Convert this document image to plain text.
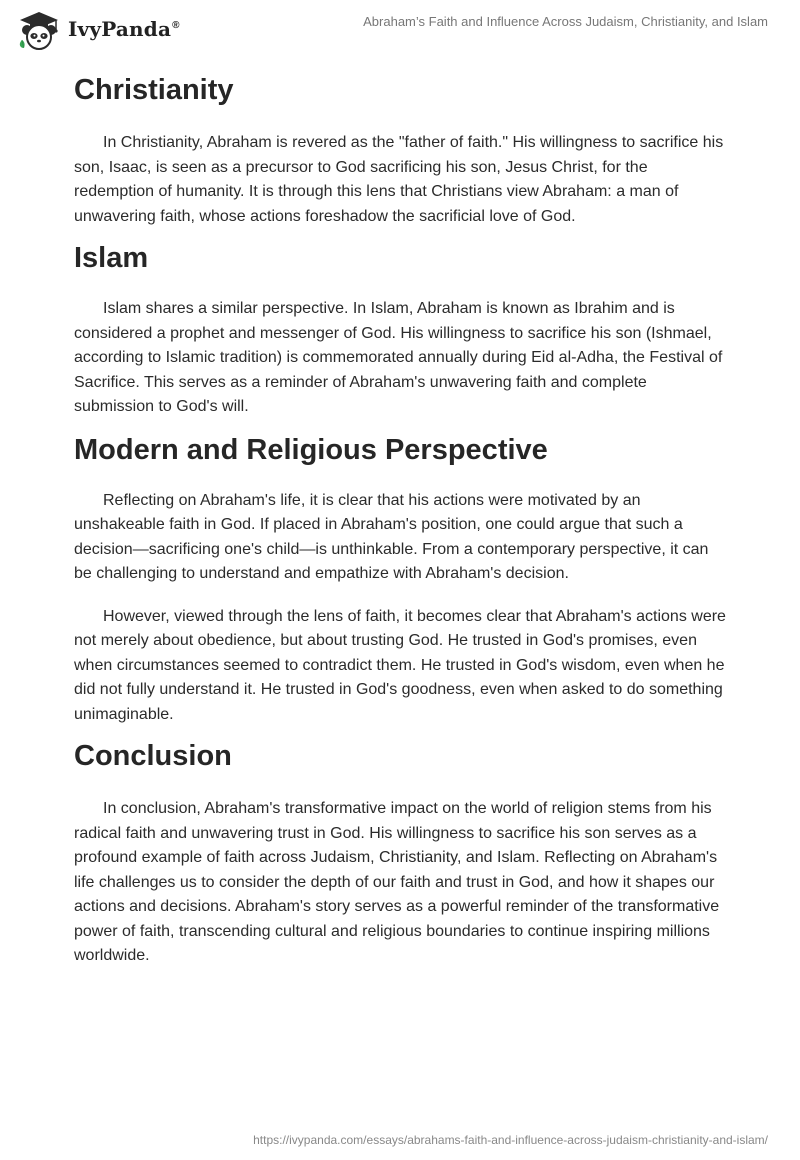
IvyPanda®	Abraham’s Faith and Influence Across Judaism, Christianity, and Islam
Christianity

In Christianity, Abraham is revered as the "father of faith." His willingness to sacrifice his son, Isaac, is seen as a precursor to God sacrificing his son, Jesus Christ, for the redemption of humanity. It is through this lens that Christians view Abraham: a man of unwavering faith, whose actions foreshadow the sacrificial love of God.

Islam

Islam shares a similar perspective. In Islam, Abraham is known as Ibrahim and is considered a prophet and messenger of God. His willingness to sacrifice his son (Ishmael, according to Islamic tradition) is commemorated annually during Eid al-Adha, the Festival of Sacrifice. This serves as a reminder of Abraham's unwavering faith and complete submission to God's will.

Modern and Religious Perspective

Reflecting on Abraham's life, it is clear that his actions were motivated by an unshakeable faith in God. If placed in Abraham's position, one could argue that such a decision—sacrificing one's child—is unthinkable. From a contemporary perspective, it can be challenging to understand and empathize with Abraham's decision.

However, viewed through the lens of faith, it becomes clear that Abraham's actions were not merely about obedience, but about trusting God. He trusted in God's promises, even when circumstances seemed to contradict them. He trusted in God's wisdom, even when he did not fully understand it. He trusted in God's goodness, even when asked to do something unimaginable.

Conclusion

In conclusion, Abraham's transformative impact on the world of religion stems from his radical faith and unwavering trust in God. His willingness to sacrifice his son serves as a profound example of faith across Judaism, Christianity, and Islam. Reflecting on Abraham's life challenges us to consider the depth of our faith and trust in God, and how it shapes our actions and decisions. Abraham's story serves as a powerful reminder of the transformative power of faith, transcending cultural and religious boundaries to continue inspiring millions worldwide.

https://ivypanda.com/essays/abrahams-faith-and-influence-across-judaism-christianity-and-islam/
